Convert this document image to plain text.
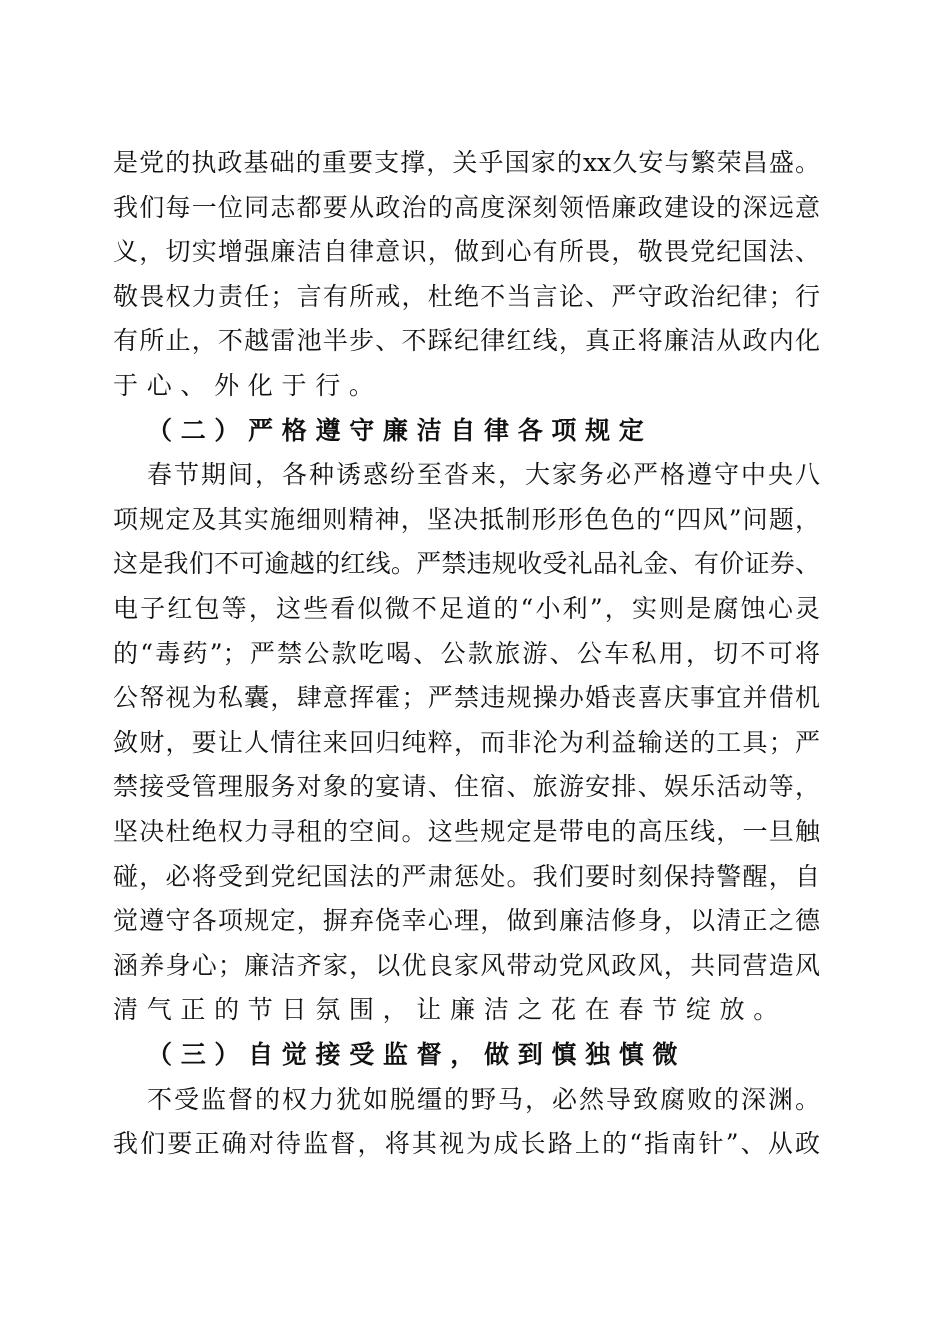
是党的执政基础的重要支撑，关乎国家的xx久安与繁荣昌盛。
我们每一位同志都要从政治的高度深刻领悟廉政建设的深远意
义，切实增强廉洁自律意识，做到心有所畏，敬畏党纪国法、
敬畏权力责任；言有所戒，杜绝不当言论、严守政治纪律；行
有所止，不越雷池半步、不踩纪律红线，真正将廉洁从政内化
于心、外化于行。
（二）严格遵守廉洁自律各项规定
春节期间，各种诱惑纷至沓来，大家务必严格遵守中央八
项规定及其实施细则精神，坚决抵制形形色色的“四风”问题，
这是我们不可逾越的红线。严禁违规收受礼品礼金、有价证券、
电子红包等，这些看似微不足道的“小利”，实则是腐蚀心灵
的“毒药”；严禁公款吃喝、公款旅游、公车私用，切不可将
公帑视为私囊，肆意挥霍；严禁违规操办婚丧喜庆事宜并借机
敛财，要让人情往来回归纯粹，而非沦为利益输送的工具；严
禁接受管理服务对象的宴请、住宿、旅游安排、娱乐活动等，
坚决杜绝权力寻租的空间。这些规定是带电的高压线，一旦触
碰，必将受到党纪国法的严肃惩处。我们要时刻保持警醒，自
觉遵守各项规定，摒弃侥幸心理，做到廉洁修身，以清正之德
涵养身心；廉洁齐家，以优良家风带动党风政风，共同营造风
清气正的节日氛围，让廉洁之花在春节绽放。
（三）自觉接受监督，做到慎独慎微
不受监督的权力犹如脱缰的野马，必然导致腐败的深渊。
我们要正确对待监督，将其视为成长路上的“指南针”、从政
